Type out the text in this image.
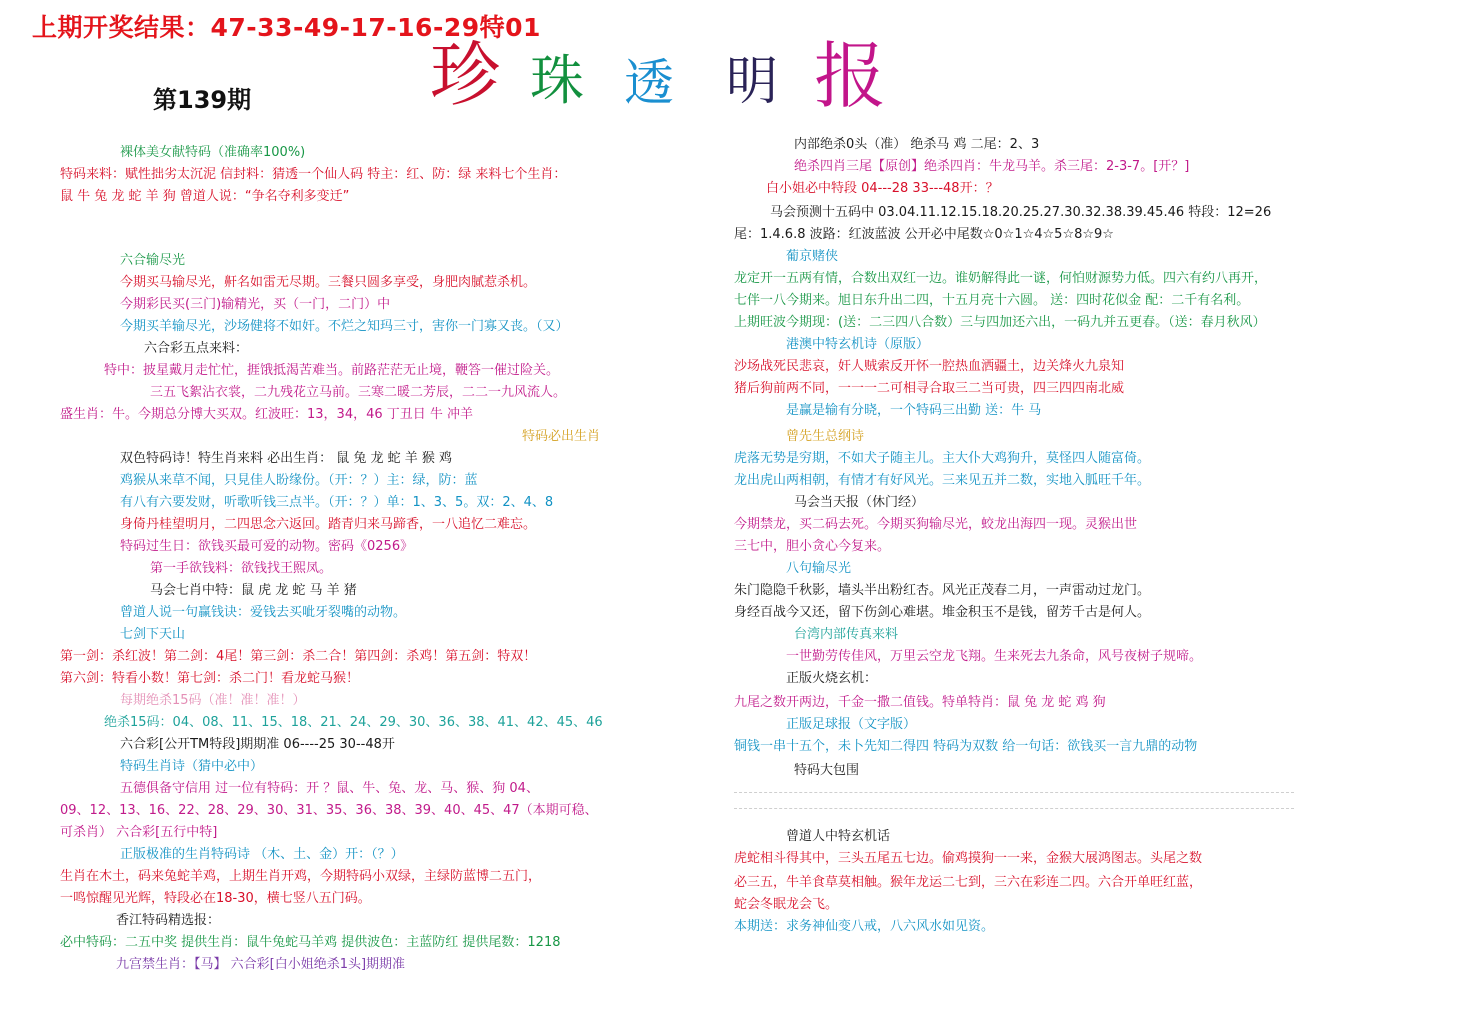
上期开奖结果：47-33-49-17-16-29特01
第139期	珍 珠 透 明 报
裸体美女献特码（准确率100%)
特码来料：赋性拙劣太沉泥 信封料：猜透一个仙人码 特主：红、防：绿 来料七个生肖：
鼠 牛 兔 龙 蛇 羊 狗 曾道人说：“争名夺利多变迁”
六合输尽光
今期买马输尽光，鼾名如雷无尽期。三餐只圆多享受，身肥肉膩惹杀机。
今期彩民买(三门)输精光，买（一门，二门）中
今期买羊输尽光，沙场健将不如奸。不烂之知玛三寸，害你一门寡又丧。（又）
六合彩五点来料：
特中：披星戴月走忙忙，捱饿抵渴苦难当。前路茫茫无止境，鞭答一催过险关。
三五飞絮沾衣裳，二九残花立马前。三寒二暖二芳辰，二二一九风流人。
盛生肖：牛。今期总分博大买双。红波旺：13，34，46 丁丑日 牛 冲羊
特码必出生肖
双色特码诗！特生肖来料 必出生肖： 鼠 兔 龙 蛇 羊 猴 鸡
鸡猴从来草不闻，只見佳人盼缘份。（开：？）主：绿，防：蓝
有八有六要发财，听歌听钱三点半。（开：？）单：1、3、5。双：2、4、8
身倚丹桂望明月，二四思念六返回。踏青归来马蹄香，一八追忆二难忘。
特码过生日：欲钱买最可爱的动物。密码《0256》
第一手欲钱料：欲钱找王熙凤。
马会七肖中特：鼠 虎 龙 蛇 马 羊 猪
曾道人说一句赢钱诀：爱钱去买呲牙裂嘴的动物。
七剑下天山
第一剑：杀红波！第二剑：4尾！第三剑：杀二合！第四剑：杀鸡！第五剑：特双！
第六剑：特看小数！第七剑：杀二门！看龙蛇马猴！
每期绝杀15码（准！准！准！）
绝杀15码：04、08、11、15、18、21、24、29、30、36、38、41、42、45、46
六合彩[公开TM特段]期期准 06----25 30--48开
特码生肖诗（猜中必中）
五德俱备守信用 过一位有特码：开 ？鼠、牛、兔、龙、马、猴、狗 04、
09、12、13、16、22、28、29、30、31、35、36、38、39、40、45、47（本期可稳、
可杀肖） 六合彩[五行中特]
正版极准的生肖特码诗 （木、土、金）开：（？）
生肖在木土，码来兔蛇羊鸡，上期生肖开鸡，今期特码小双绿，主绿防蓝博二五门，
一鸣惊醒见光辉，特段必在18-30，横七竖八五门码。
香江特码精选报：
必中特码：二五中奖 提供生肖：鼠牛兔蛇马羊鸡 提供波色：主蓝防红 提供尾数：1218
九宫禁生肖：【马】 六合彩[白小姐绝杀1头]期期准
内部绝杀0头（准） 绝杀马 鸡 二尾：2、3
绝杀四肖三尾【原创】绝杀四肖：牛龙马羊。杀三尾：2-3-7。[开？]
白小姐必中特段 04---28 33---48开：？
马会预测十五码中 03.04.11.12.15.18.20.25.27.30.32.38.39.45.46 特段：12=26
尾：1.4.6.8 波路：红波蓝波 公开必中尾数☆0☆1☆4☆5☆8☆9☆
葡京赌侠
龙定开一五两有情，合数出双红一边。谁奶解得此一谜，何怕财源势力低。四六有约八再开，
七伴一八今期来。旭日东升出二四，十五月亮十六圆。 送：四时花似金 配：二千有名利。
上期旺波今期现：(送：二三四八合数）三与四加还六出，一码九并五更春。（送：春月秋风）
港澳中特玄机诗（原版）
沙场战死民悲哀，奸人贼索反开怀一腔热血洒疆土，边关烽火九泉知
猪后狗前两不同，一一一二可相寻合取三二当可贵，四三四四南北威
是赢是输有分晓，一个特码三出勤 送：牛 马
曾先生总纲诗
虎落无势是穷期，不如犬子随主儿。主大仆大鸡狗升，莫怪四人随富倚。
龙出虎山两相朝，有情才有好风光。三来见五并二数，实地入胍旺千年。
马会当天报（休门经）
今期禁龙，买二码去死。今期买狗输尽光，蛟龙出海四一现。灵猴出世
三七中，胆小贪心今复来。
八句输尽光
朱门隐隐千秋影，墙头半出粉红杏。风光正茂春二月，一声雷动过龙门。
身经百战今又还，留下伤剑心难堪。堆金积玉不是钱，留芳千古是何人。
台湾内部传真来料
一世勤劳传佳风，万里云空龙飞翔。生来死去九条命，风号夜树子规啼。
正版火烧玄机：
九尾之数开两边，千金一撒二值钱。特单特肖：鼠 兔 龙 蛇 鸡 狗
正版足球报（文字版）
铜钱一串十五个，未卜先知二得四 特码为双数 给一句话：欲钱买一言九鼎的动物
特码大包围
曾道人中特玄机话
虎蛇相斗得其中，三头五尾五七边。偷鸡摸狗一一来，金猴大展鸿图志。头尾之数
必三五，牛羊食草莫相触。猴年龙运二七到，三六在彩连二四。六合开单旺红蓝，
蛇会冬眠龙会飞。
本期送：求务神仙变八戒，八六风水如见资。
